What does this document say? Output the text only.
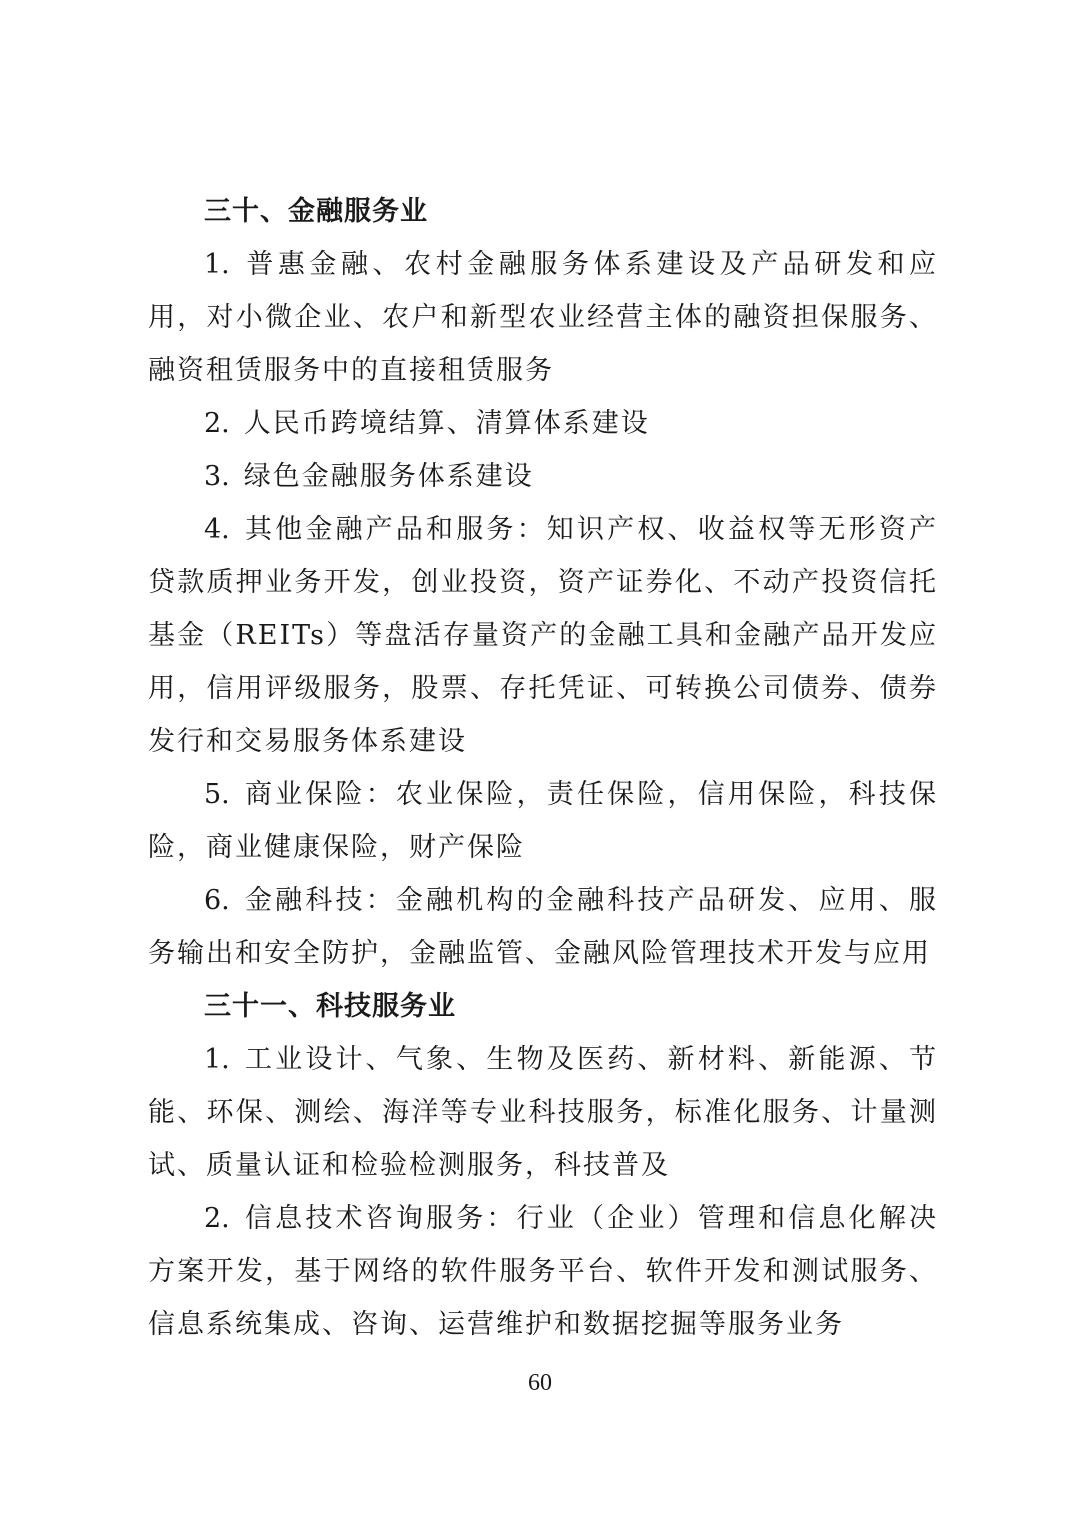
三十、金融服务业

1. 普惠金融、农村金融服务体系建设及产品研发和应用，对小微企业、农户和新型农业经营主体的融资担保服务、融资租赁服务中的直接租赁服务

2. 人民币跨境结算、清算体系建设

3. 绿色金融服务体系建设

4. 其他金融产品和服务：知识产权、收益权等无形资产贷款质押业务开发，创业投资，资产证券化、不动产投资信托基金（REITs）等盘活存量资产的金融工具和金融产品开发应用，信用评级服务，股票、存托凭证、可转换公司债券、债券发行和交易服务体系建设

5. 商业保险：农业保险，责任保险，信用保险，科技保险，商业健康保险，财产保险

6. 金融科技：金融机构的金融科技产品研发、应用、服务输出和安全防护，金融监管、金融风险管理技术开发与应用

三十一、科技服务业

1. 工业设计、气象、生物及医药、新材料、新能源、节能、环保、测绘、海洋等专业科技服务，标准化服务、计量测试、质量认证和检验检测服务，科技普及

2. 信息技术咨询服务：行业（企业）管理和信息化解决方案开发，基于网络的软件服务平台、软件开发和测试服务、信息系统集成、咨询、运营维护和数据挖掘等服务业务

60
